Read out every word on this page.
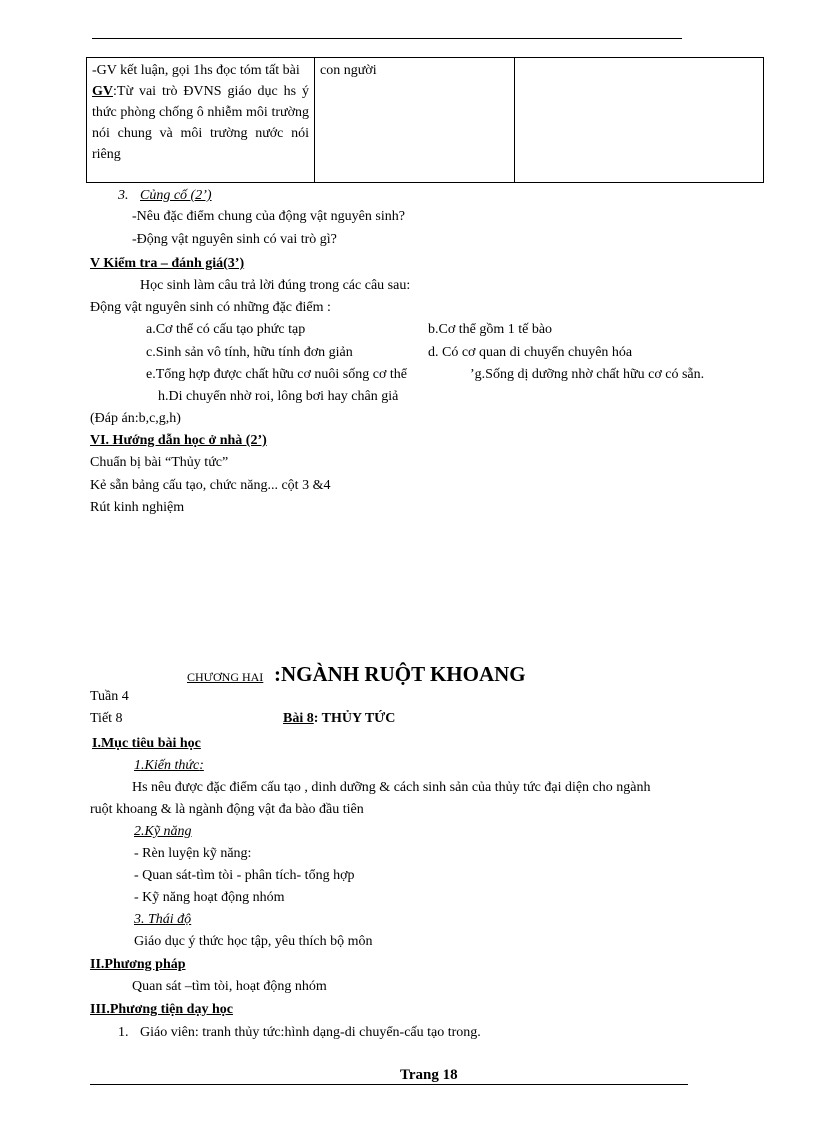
-GV kết luận, gọi 1hs đọc tóm tất bài
GV:Từ vai trò ĐVNS giáo dục hs ý thức phòng chống ô nhiễm môi trường nói chung và môi trường nước nói riêng	con người	
3. Củng cố (2’)
-Nêu đặc điểm chung của động vật nguyên sinh?
-Động vật nguyên sinh có vai trò gì?
V Kiểm tra – đánh giá(3’)
Học sinh làm câu trả lời đúng trong các câu sau:
Động vật nguyên sinh có những đặc điểm :
a.Cơ thể có cấu tạo phức tạp	b.Cơ thể gồm 1 tế bào
c.Sinh sản vô tính, hữu tính đơn giản	d. Có cơ quan di chuyển chuyên hóa
e.Tổng hợp được chất hữu cơ nuôi sống cơ thể	’g.Sống dị dưỡng nhờ chất hữu cơ có sẵn.
h.Di chuyển nhờ roi, lông bơi hay chân giả
(Đáp án:b,c,g,h)
VI. Hướng dẫn học ở nhà (2’)
Chuẩn bị bài “Thủy tức”
Kẻ sẵn bảng cấu tạo, chức năng... cột 3 &4
Rút kinh nghiệm
CHƯƠNG HAI :NGÀNH RUỘT KHOANG
Tuần 4
Tiết 8	Bài 8: THỦY TỨC
I.Mục tiêu bài học
1.Kiến thức:
Hs nêu được đặc điểm cấu tạo , dinh dưỡng & cách sinh sản của thủy tức đại diện cho ngành
ruột khoang & là ngành động vật đa bào đầu tiên
2.Kỹ năng
- Rèn luyện kỹ năng:
- Quan sát-tìm tòi - phân tích- tổng hợp
- Kỹ năng hoạt động nhóm
3. Thái độ
Giáo dục ý thức học tập, yêu thích bộ môn
II.Phương pháp
Quan sát –tìm tòi, hoạt động nhóm
III.Phương tiện dạy học
1. Giáo viên: tranh thủy tức:hình dạng-di chuyển-cấu tạo trong.
Trang 18
